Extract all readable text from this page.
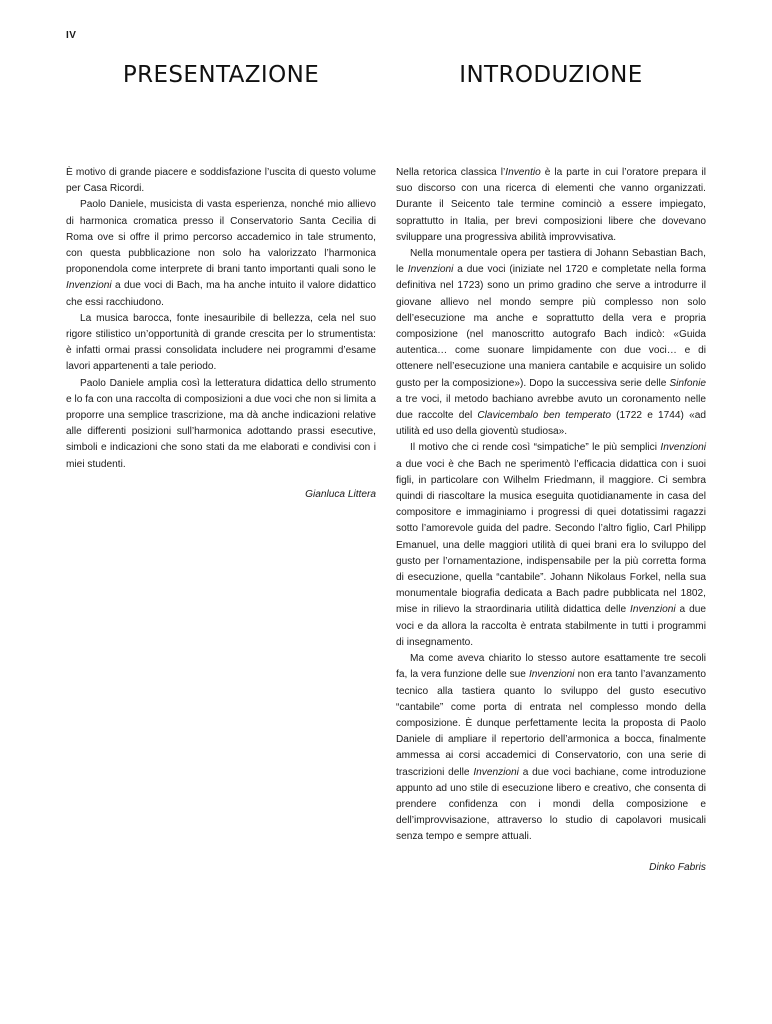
IV
PRESENTAZIONE	INTRODUZIONE

È motivo di grande piacere e soddisfazione l’uscita di questo volume per Casa Ricordi.

Paolo Daniele, musicista di vasta esperienza, nonché mio allievo di harmonica cromatica presso il Conservatorio Santa Cecilia di Roma ove si offre il primo percorso accademico in tale strumento, con questa pubblicazione non solo ha valorizzato l’harmonica proponendola come interprete di brani tanto importanti quali sono le Invenzioni a due voci di Bach, ma ha anche intuito il valore didattico che essi racchiudono.

La musica barocca, fonte inesauribile di bellezza, cela nel suo rigore stilistico un’opportunità di grande crescita per lo strumentista: è infatti ormai prassi consolidata includere nei programmi d’esame lavori appartenenti a tale periodo.

Paolo Daniele amplia così la letteratura didattica dello strumento e lo fa con una raccolta di composizioni a due voci che non si limita a proporre una semplice trascrizione, ma dà anche indicazioni relative alle differenti posizioni sull’harmonica adottando prassi esecutive, simboli e indicazioni che sono stati da me elaborati e condivisi con i miei studenti.

Gianluca Littera

Nella retorica classica l’Inventio è la parte in cui l’oratore prepara il suo discorso con una ricerca di elementi che vanno organizzati. Durante il Seicento tale termine cominciò a essere impiegato, soprattutto in Italia, per brevi composizioni libere che dovevano sviluppare una progressiva abilità improvvisativa.

Nella monumentale opera per tastiera di Johann Sebastian Bach, le Invenzioni a due voci (iniziate nel 1720 e completate nella forma definitiva nel 1723) sono un primo gradino che serve a introdurre il giovane allievo nel mondo sempre più complesso non solo dell’esecuzione ma anche e soprattutto della vera e propria composizione (nel manoscritto autografo Bach indicò: «Guida autentica… come suonare limpidamente con due voci… e di ottenere nell’esecuzione una maniera cantabile e acquisire un solido gusto per la composizione»). Dopo la successiva serie delle Sinfonie a tre voci, il metodo bachiano avrebbe avuto un coronamento nelle due raccolte del Clavicembalo ben temperato (1722 e 1744) «ad utilità ed uso della gioventù studiosa».

Il motivo che ci rende così “simpatiche” le più semplici Invenzioni a due voci è che Bach ne sperimentò l’efficacia didattica con i suoi figli, in particolare con Wilhelm Friedmann, il maggiore. Ci sembra quindi di riascoltare la musica eseguita quotidianamente in casa del compositore e immaginiamo i progressi di quei dotatissimi ragazzi sotto l’amorevole guida del padre. Secondo l’altro figlio, Carl Philipp Emanuel, una delle maggiori utilità di quei brani era lo sviluppo del gusto per l’ornamentazione, indispensabile per la più corretta forma di esecuzione, quella “cantabile”. Johann Nikolaus Forkel, nella sua monumentale biografia dedicata a Bach padre pubblicata nel 1802, mise in rilievo la straordinaria utilità didattica delle Invenzioni a due voci e da allora la raccolta è entrata stabilmente in tutti i programmi di insegnamento.

Ma come aveva chiarito lo stesso autore esattamente tre secoli fa, la vera funzione delle sue Invenzioni non era tanto l’avanzamento tecnico alla tastiera quanto lo sviluppo del gusto esecutivo “cantabile” come porta di entrata nel complesso mondo della composizione. È dunque perfettamente lecita la proposta di Paolo Daniele di ampliare il repertorio dell’armonica a bocca, finalmente ammessa ai corsi accademici di Conservatorio, con una serie di trascrizioni delle Invenzioni a due voci bachiane, come introduzione appunto ad uno stile di esecuzione libero e creativo, che consenta di prendere confidenza con i mondi della composizione e dell’improvvisazione, attraverso lo studio di capolavori musicali senza tempo e sempre attuali.

Dinko Fabris
